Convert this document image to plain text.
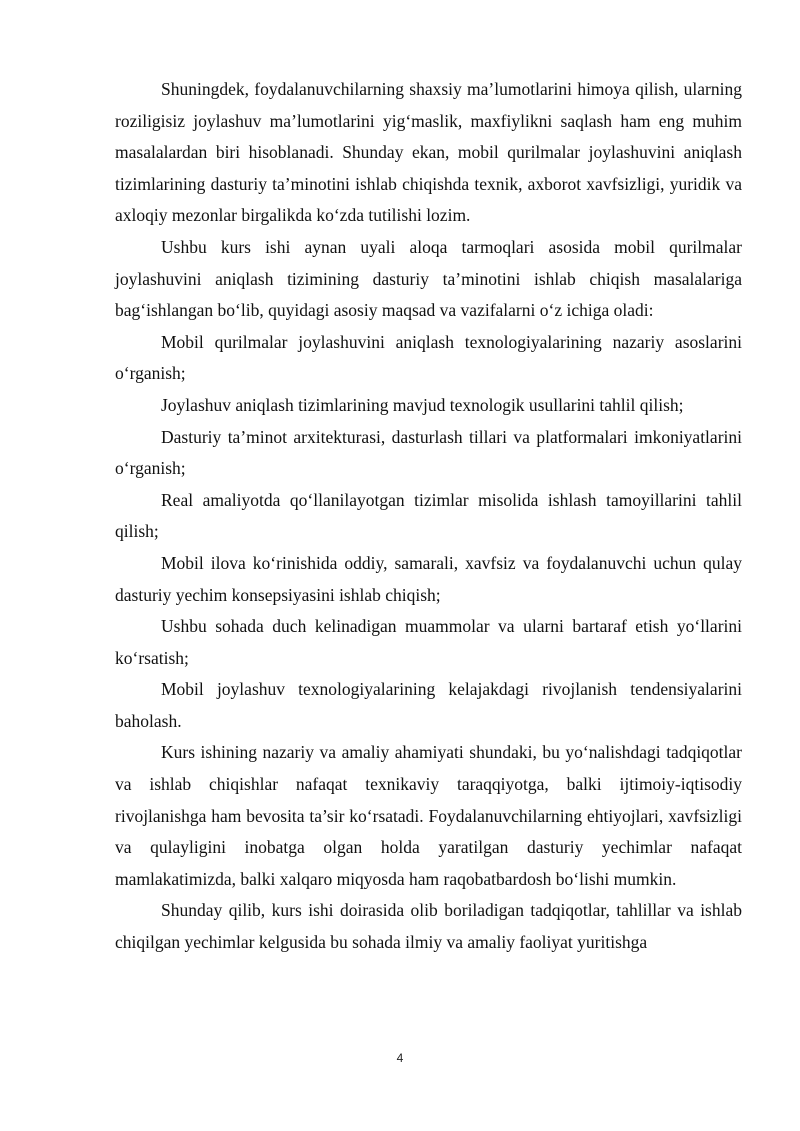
Shuningdek, foydalanuvchilarning shaxsiy ma’lumotlarini himoya qilish, ularning roziligisiz joylashuv ma’lumotlarini yig‘maslik, maxfiylikni saqlash ham eng muhim masalalardan biri hisoblanadi. Shunday ekan, mobil qurilmalar joylashuvini aniqlash tizimlarining dasturiy ta’minotini ishlab chiqishda texnik, axborot xavfsizligi, yuridik va axloqiy mezonlar birgalikda ko‘zda tutilishi lozim.

Ushbu kurs ishi aynan uyali aloqa tarmoqlari asosida mobil qurilmalar joylashuvini aniqlash tizimining dasturiy ta’minotini ishlab chiqish masalalariga bag‘ishlangan bo‘lib, quyidagi asosiy maqsad va vazifalarni o‘z ichiga oladi:

Mobil qurilmalar joylashuvini aniqlash texnologiyalarining nazariy asoslarini o‘rganish;

Joylashuv aniqlash tizimlarining mavjud texnologik usullarini tahlil qilish;

Dasturiy ta’minot arxitekturasi, dasturlash tillari va platformalari imkoniyatlarini o‘rganish;

Real amaliyotda qo‘llanilayotgan tizimlar misolida ishlash tamoyillarini tahlil qilish;

Mobil ilova ko‘rinishida oddiy, samarali, xavfsiz va foydalanuvchi uchun qulay dasturiy yechim konsepsiyasini ishlab chiqish;

Ushbu sohada duch kelinadigan muammolar va ularni bartaraf etish yo‘llarini ko‘rsatish;

Mobil joylashuv texnologiyalarining kelajakdagi rivojlanish tendensiyalarini baholash.

Kurs ishining nazariy va amaliy ahamiyati shundaki, bu yo‘nalishdagi tadqiqotlar va ishlab chiqishlar nafaqat texnikaviy taraqqiyotga, balki ijtimoiy-iqtisodiy rivojlanishga ham bevosita ta’sir ko‘rsatadi. Foydalanuvchilarning ehtiyojlari, xavfsizligi va qulayligini inobatga olgan holda yaratilgan dasturiy yechimlar nafaqat mamlakatimizda, balki xalqaro miqyosda ham raqobatbardosh bo‘lishi mumkin.

Shunday qilib, kurs ishi doirasida olib boriladigan tadqiqotlar, tahlillar va ishlab chiqilgan yechimlar kelgusida bu sohada ilmiy va amaliy faoliyat yuritishga

4
